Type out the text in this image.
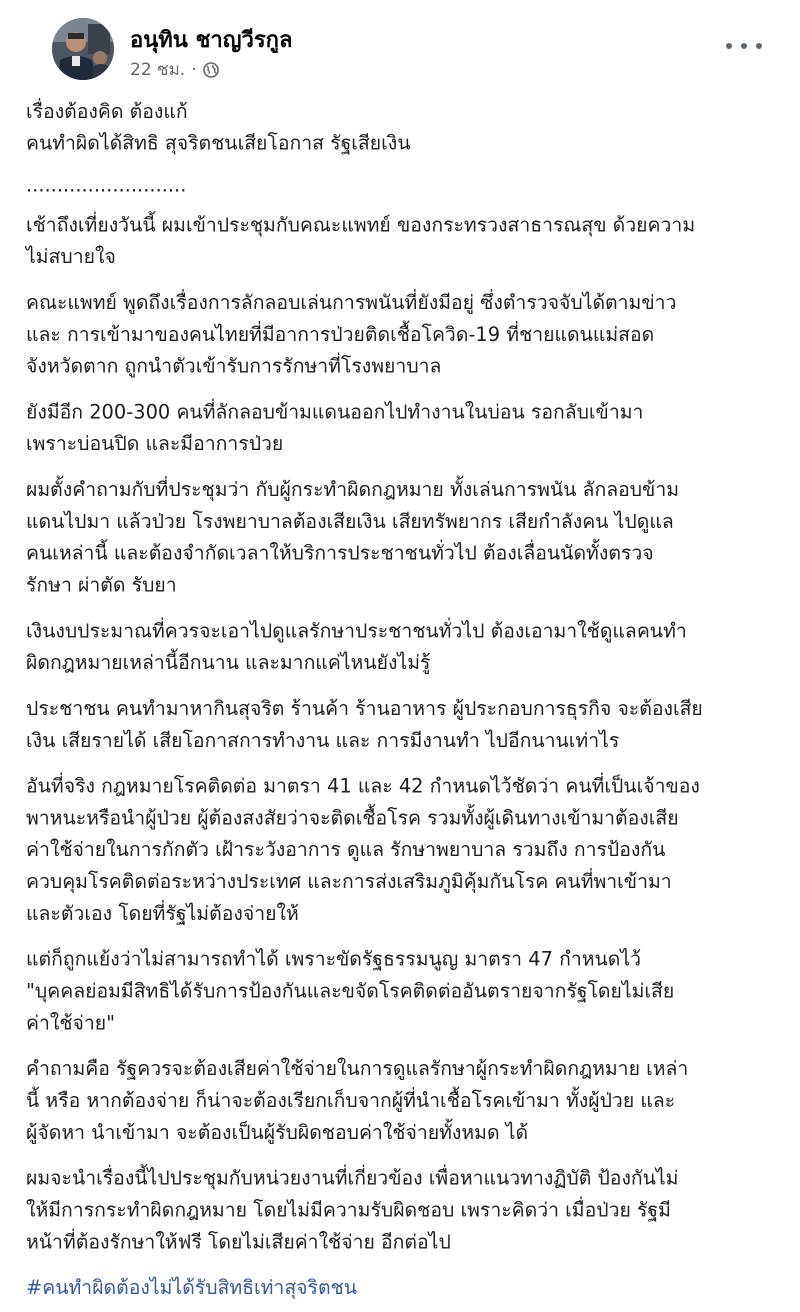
อนุทิน ชาญวีรกูล
22 ชม. ·
เรื่องต้องคิด ต้องแก้
คนทำผิดได้สิทธิ สุจริตชนเสียโอกาส รัฐเสียเงิน
..........................
เช้าถึงเที่ยงวันนี้ ผมเข้าประชุมกับคณะแพทย์ ของกระทรวงสาธารณสุข ด้วยความ
ไม่สบายใจ
คณะแพทย์ พูดถึงเรื่องการลักลอบเล่นการพนันที่ยังมีอยู่ ซึ่งตำรวจจับได้ตามข่าว
และ การเข้ามาของคนไทยที่มีอาการป่วยติดเชื้อโควิด-19 ที่ชายแดนแม่สอด
จังหวัดตาก ถูกนำตัวเข้ารับการรักษาที่โรงพยาบาล
ยังมีอีก 200-300 คนที่ลักลอบข้ามแดนออกไปทำงานในบ่อน รอกลับเข้ามา
เพราะบ่อนปิด และมีอาการป่วย
ผมตั้งคำถามกับที่ประชุมว่า กับผู้กระทำผิดกฎหมาย ทั้งเล่นการพนัน ลักลอบข้าม
แดนไปมา แล้วป่วย โรงพยาบาลต้องเสียเงิน เสียทรัพยากร เสียกำลังคน ไปดูแล
คนเหล่านี้ และต้องจำกัดเวลาให้บริการประชาชนทั่วไป ต้องเลื่อนนัดทั้งตรวจ
รักษา ผ่าตัด รับยา
เงินงบประมาณที่ควรจะเอาไปดูแลรักษาประชาชนทั่วไป ต้องเอามาใช้ดูแลคนทำ
ผิดกฎหมายเหล่านี้อีกนาน และมากแค่ไหนยังไม่รู้
ประชาชน คนทำมาหากินสุจริต ร้านค้า ร้านอาหาร ผู้ประกอบการธุรกิจ จะต้องเสีย
เงิน เสียรายได้ เสียโอกาสการทำงาน และ การมีงานทำ ไปอีกนานเท่าไร
อันที่จริง กฎหมายโรคติดต่อ มาตรา 41 และ 42 กำหนดไว้ชัดว่า คนที่เป็นเจ้าของ
พาหนะหรือนำผู้ป่วย ผู้ต้องสงสัยว่าจะติดเชื้อโรค รวมทั้งผู้เดินทางเข้ามาต้องเสีย
ค่าใช้จ่ายในการกักตัว เฝ้าระวังอาการ ดูแล รักษาพยาบาล รวมถึง การป้องกัน
ควบคุมโรคติดต่อระหว่างประเทศ และการส่งเสริมภูมิคุ้มกันโรค คนที่พาเข้ามา
และตัวเอง โดยที่รัฐไม่ต้องจ่ายให้
แต่ก็ถูกแย้งว่าไม่สามารถทำได้ เพราะขัดรัฐธรรมนูญ มาตรา 47 กำหนดไว้
"บุคคลย่อมมีสิทธิได้รับการป้องกันและขจัดโรคติดต่ออันตรายจากรัฐโดยไม่เสีย
ค่าใช้จ่าย"
คำถามคือ รัฐควรจะต้องเสียค่าใช้จ่ายในการดูแลรักษาผู้กระทำผิดกฎหมาย เหล่า
นี้ หรือ หากต้องจ่าย ก็น่าจะต้องเรียกเก็บจากผู้ที่นำเชื้อโรคเข้ามา ทั้งผู้ป่วย และ
ผู้จัดหา นำเข้ามา จะต้องเป็นผู้รับผิดชอบค่าใช้จ่ายทั้งหมด ได้
ผมจะนำเรื่องนี้ไปประชุมกับหน่วยงานที่เกี่ยวข้อง เพื่อหาแนวทางฏิบัติ ป้องกันไม่
ให้มีการกระทำผิดกฎหมาย โดยไม่มีความรับผิดชอบ เพราะคิดว่า เมื่อป่วย รัฐมี
หน้าที่ต้องรักษาให้ฟรี โดยไม่เสียค่าใช้จ่าย อีกต่อไป
#คนทำผิดต้องไม่ได้รับสิทธิเท่าสุจริตชน
